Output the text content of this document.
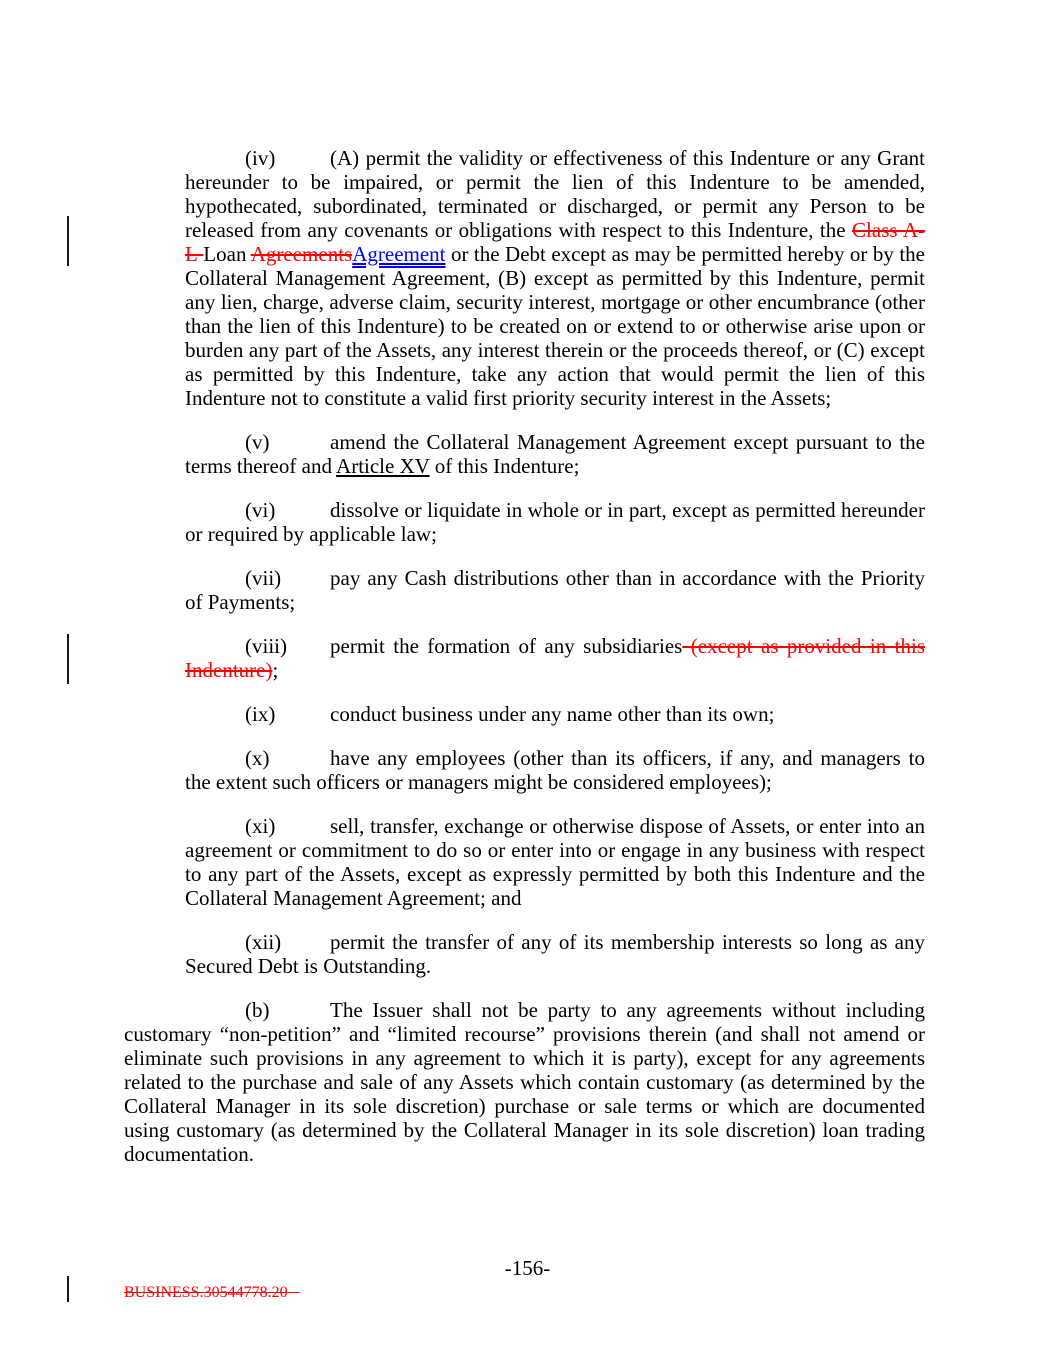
(iv)	(A) permit the validity or effectiveness of this Indenture or any Grant hereunder to be impaired, or permit the lien of this Indenture to be amended, hypothecated, subordinated, terminated or discharged, or permit any Person to be released from any covenants or obligations with respect to this Indenture, the Class A-L Loan AgreementsAgreement or the Debt except as may be permitted hereby or by the Collateral Management Agreement, (B) except as permitted by this Indenture, permit any lien, charge, adverse claim, security interest, mortgage or other encumbrance (other than the lien of this Indenture) to be created on or extend to or otherwise arise upon or burden any part of the Assets, any interest therein or the proceeds thereof, or (C) except as permitted by this Indenture, take any action that would permit the lien of this Indenture not to constitute a valid first priority security interest in the Assets;

(v)	amend the Collateral Management Agreement except pursuant to the terms thereof and Article XV of this Indenture;

(vi)	dissolve or liquidate in whole or in part, except as permitted hereunder or required by applicable law;

(vii) pay any Cash distributions other than in accordance with the Priority of Payments;

(viii) permit the formation of any subsidiaries (except as provided in this Indenture);

(ix)	conduct business under any name other than its own;

(x)	have any employees (other than its officers, if any, and managers to the extent such officers or managers might be considered employees);

(xi)	sell, transfer, exchange or otherwise dispose of Assets, or enter into an agreement or commitment to do so or enter into or engage in any business with respect to any part of the Assets, except as expressly permitted by both this Indenture and the Collateral Management Agreement; and

(xii) permit the transfer of any of its membership interests so long as any Secured Debt is Outstanding.

(b)	The Issuer shall not be party to any agreements without including customary “non-petition” and “limited recourse” provisions therein (and shall not amend or eliminate such provisions in any agreement to which it is party), except for any agreements related to the purchase and sale of any Assets which contain customary (as determined by the Collateral Manager in its sole discretion) purchase or sale terms or which are documented using customary (as determined by the Collateral Manager in its sole discretion) loan trading documentation.

-156-
BUSINESS.30544778.20
